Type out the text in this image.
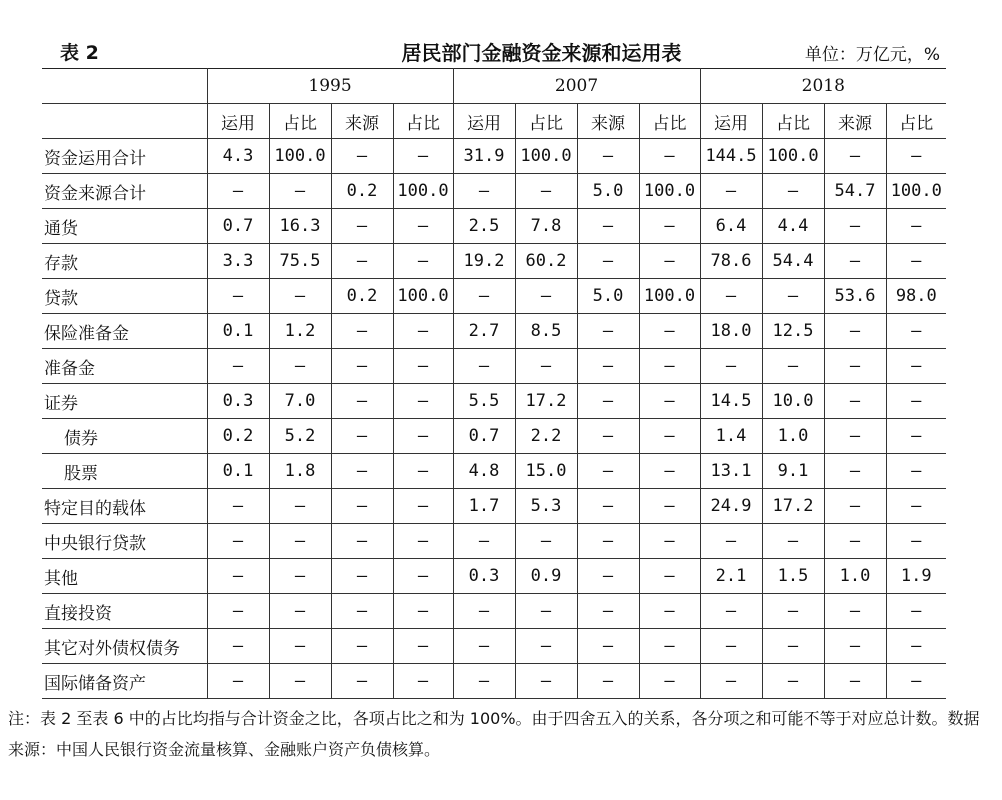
表 2	居民部门金融资金来源和运用表	单位：万亿元，%
	1995				2007				2018			
	运用	占比	来源	占比	运用	占比	来源	占比	运用	占比	来源	占比
资金运用合计	4.3	100.0	–	–	31.9	100.0	–	–	144.5	100.0	–	–
资金来源合计	–	–	0.2	100.0	–	–	5.0	100.0	–	–	54.7	100.0
通货	0.7	16.3	–	–	2.5	7.8	–	–	6.4	4.4	–	–
存款	3.3	75.5	–	–	19.2	60.2	–	–	78.6	54.4	–	–
贷款	–	–	0.2	100.0	–	–	5.0	100.0	–	–	53.6	98.0
保险准备金	0.1	1.2	–	–	2.7	8.5	–	–	18.0	12.5	–	–
准备金	–	–	–	–	–	–	–	–	–	–	–	–
证券	0.3	7.0	–	–	5.5	17.2	–	–	14.5	10.0	–	–
债券	0.2	5.2	–	–	0.7	2.2	–	–	1.4	1.0	–	–
股票	0.1	1.8	–	–	4.8	15.0	–	–	13.1	9.1	–	–
特定目的载体	–	–	–	–	1.7	5.3	–	–	24.9	17.2	–	–
中央银行贷款	–	–	–	–	–	–	–	–	–	–	–	–
其他	–	–	–	–	0.3	0.9	–	–	2.1	1.5	1.0	1.9
直接投资	–	–	–	–	–	–	–	–	–	–	–	–
其它对外债权债务	–	–	–	–	–	–	–	–	–	–	–	–
国际储备资产	–	–	–	–	–	–	–	–	–	–	–	–
注：表 2 至表 6 中的占比均指与合计资金之比，各项占比之和为 100%。由于四舍五入的关系，各分项之和可能不等于对应总计数。数据来源：中国人民银行资金流量核算、金融账户资产负债核算。
